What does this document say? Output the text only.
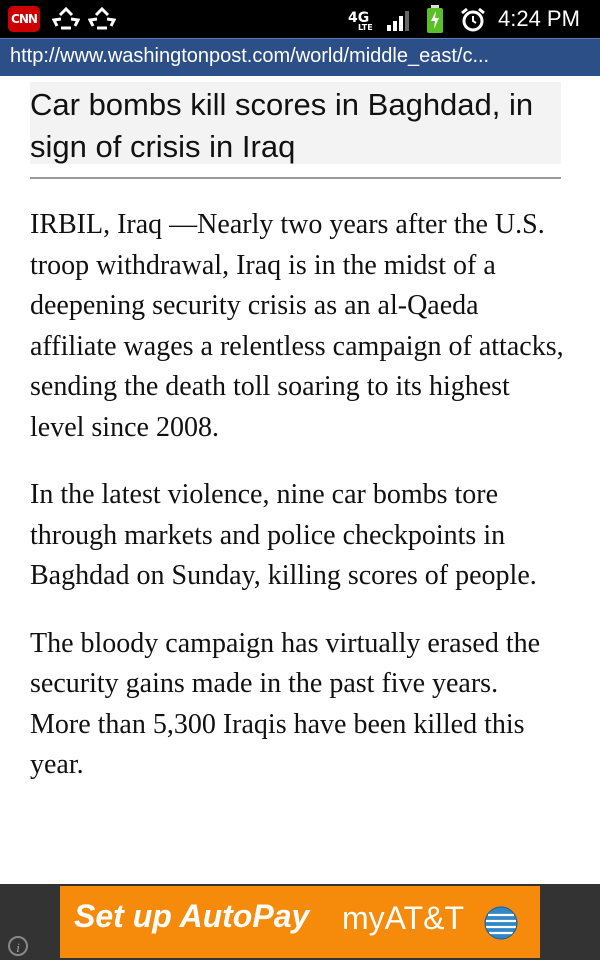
CNN	4G
LTE	4:24 PM
http://www.washingtonpost.com/world/middle_east/c...
Car bombs kill scores in Baghdad, in sign of crisis in Iraq

IRBIL, Iraq —Nearly two years after the U.S. troop withdrawal, Iraq is in the midst of a deepening security crisis as an al-Qaeda affiliate wages a relentless campaign of attacks, sending the death toll soaring to its highest level since 2008.

In the latest violence, nine car bombs tore through markets and police checkpoints in Baghdad on Sunday, killing scores of people.

The bloody campaign has virtually erased the security gains made in the past five years. More than 5,300 Iraqis have been killed this year.

Set up AutoPay myAT&T
i
